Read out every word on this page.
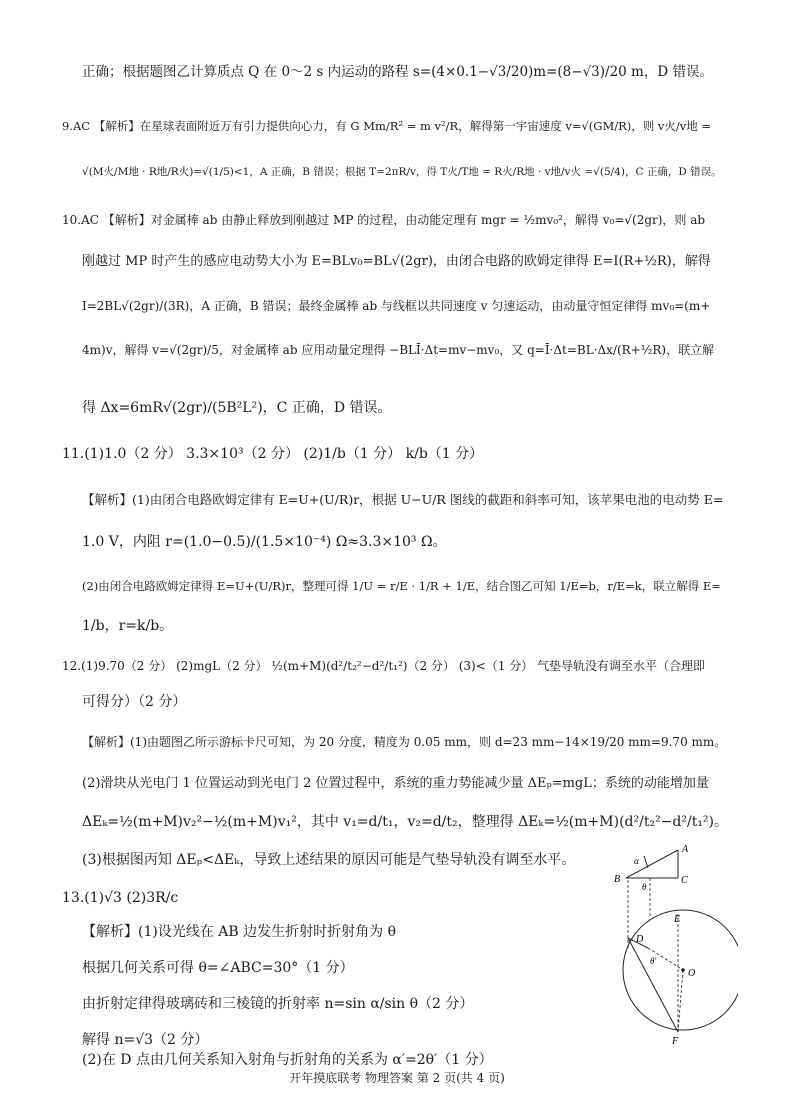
正确；根据题图乙计算质点 Q 在 0～2 s 内运动的路程 s=(4×0.1−√3/20)m=(8−√3)/20 m，D 错误。
9.AC 【解析】在星球表面附近万有引力提供向心力，有 G Mm/R² = m v²/R，解得第一宇宙速度 v=√(GM/R)，则 v火/v地 =
√(M火/M地 · R地/R火)=√(1/5)<1，A 正确，B 错误；根据 T=2πR/v，得 T火/T地 = R火/R地 · v地/v火 =√(5/4)，C 正确，D 错误。
10.AC 【解析】对金属棒 ab 由静止释放到刚越过 MP 的过程，由动能定理有 mgr = ½mv₀²，解得 v₀=√(2gr)，则 ab
刚越过 MP 时产生的感应电动势大小为 E=BLv₀=BL√(2gr)，由闭合电路的欧姆定律得 E=I(R+½R)，解得
I=2BL√(2gr)/(3R)，A 正确，B 错误；最终金属棒 ab 与线框以共同速度 v 匀速运动，由动量守恒定律得 mv₀=(m+
4m)v，解得 v=√(2gr)/5，对金属棒 ab 应用动量定理得 −BLĪ·Δt=mv−mv₀，又 q=Ī·Δt=BL·Δx/(R+½R)，联立解
得 Δx=6mR√(2gr)/(5B²L²)，C 正确，D 错误。
11.(1)1.0（2 分） 3.3×10³（2 分） (2)1/b（1 分） k/b（1 分）
【解析】(1)由闭合电路欧姆定律有 E=U+(U/R)r，根据 U−U/R 图线的截距和斜率可知，该苹果电池的电动势 E=
1.0 V，内阻 r=(1.0−0.5)/(1.5×10⁻⁴) Ω≈3.3×10³ Ω。
(2)由闭合电路欧姆定律得 E=U+(U/R)r，整理可得 1/U = r/E · 1/R + 1/E，结合图乙可知 1/E=b，r/E=k，联立解得 E=
1/b，r=k/b。
12.(1)9.70（2 分） (2)mgL（2 分） ½(m+M)(d²/t₂²−d²/t₁²)（2 分） (3)<（1 分） 气垫导轨没有调至水平（合理即
可得分）（2 分）
【解析】(1)由题图乙所示游标卡尺可知，为 20 分度，精度为 0.05 mm，则 d=23 mm−14×19/20 mm=9.70 mm。
(2)滑块从光电门 1 位置运动到光电门 2 位置过程中，系统的重力势能减少量 ΔEₚ=mgL；系统的动能增加量
ΔEₖ=½(m+M)v₂²−½(m+M)v₁²，其中 v₁=d/t₁，v₂=d/t₂，整理得 ΔEₖ=½(m+M)(d²/t₂²−d²/t₁²)。
(3)根据图丙知 ΔEₚ<ΔEₖ，导致上述结果的原因可能是气垫导轨没有调至水平。
13.(1)√3 (2)3R/c
【解析】(1)设光线在 AB 边发生折射时折射角为 θ
根据几何关系可得 θ=∠ABC=30°（1 分）
由折射定律得玻璃砖和三棱镜的折射率 n=sin α/sin θ（2 分）
解得 n=√3（2 分）
(2)在 D 点由几何关系知入射角与折射角的关系为 α′=2θ′（1 分）
A
B	C
α
θ
E
D
θ′
O
F
开年摸底联考 物理答案 第 2 页(共 4 页)
